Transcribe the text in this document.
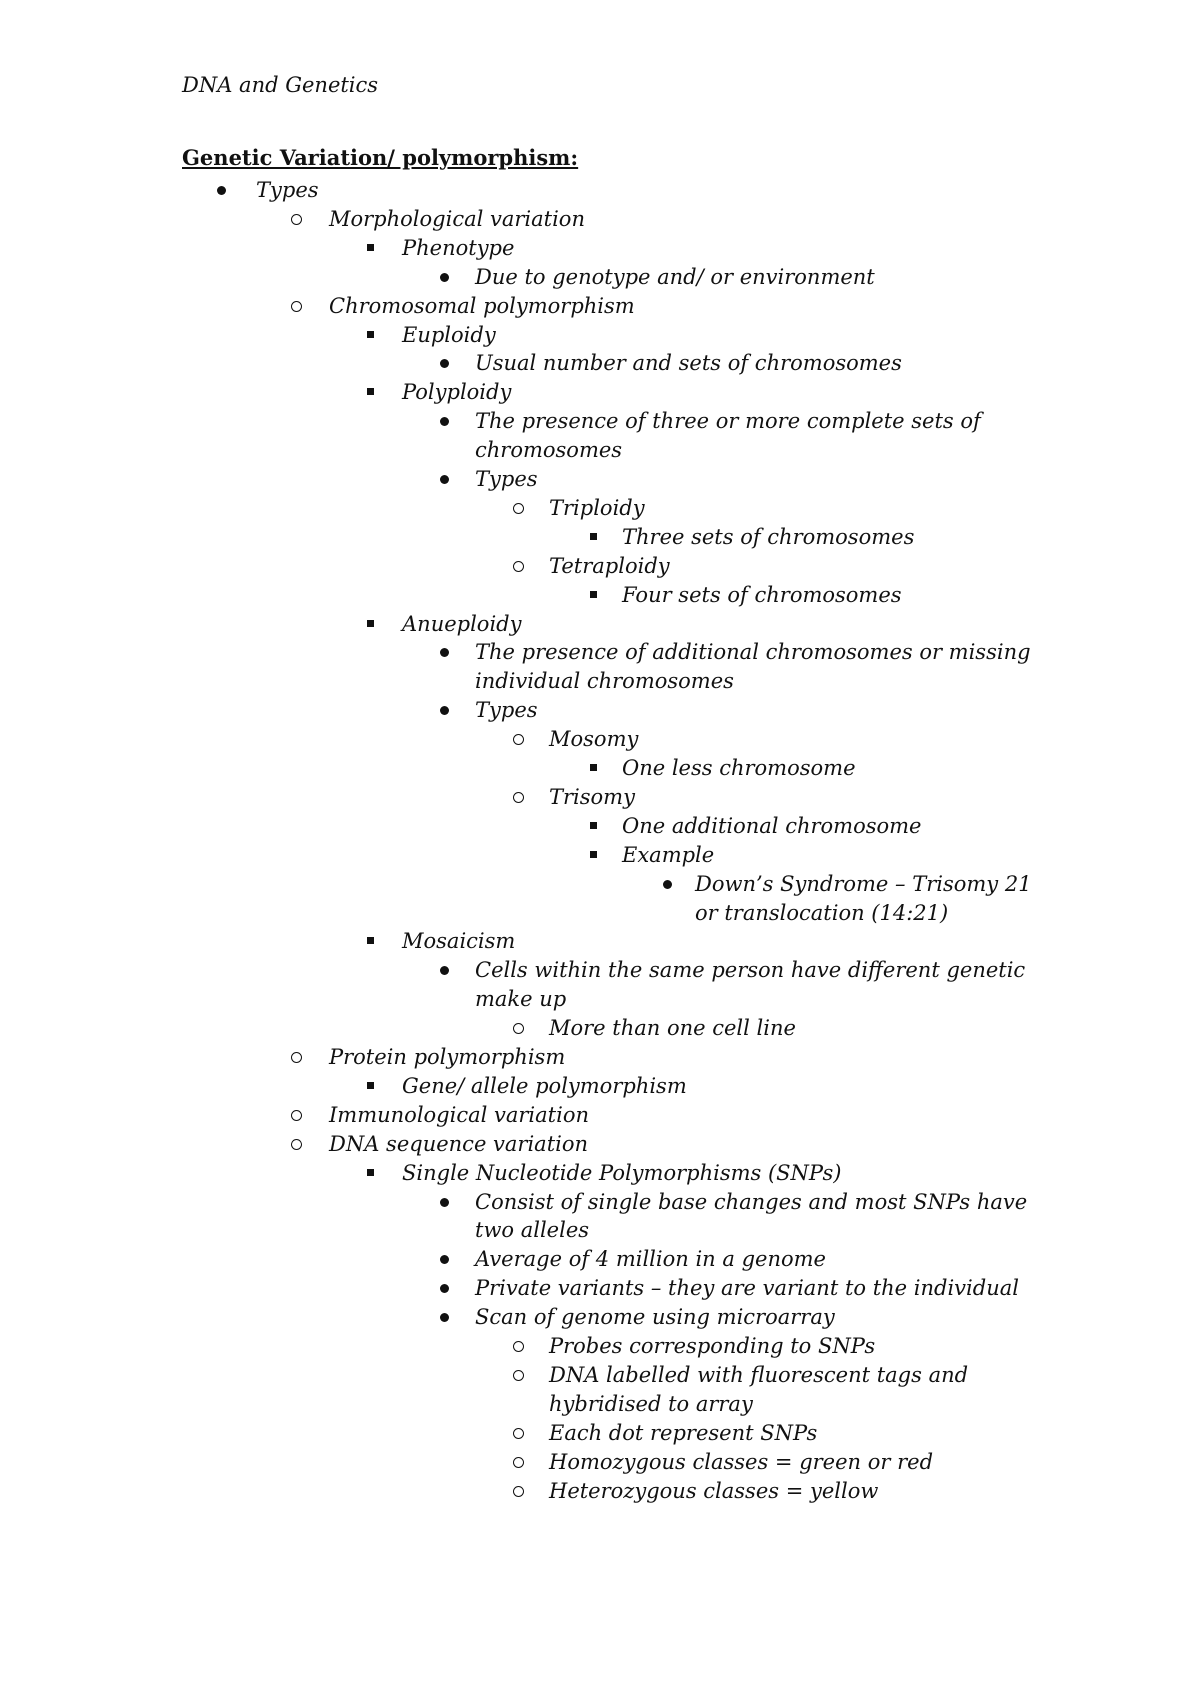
DNA and Genetics
Genetic Variation/ polymorphism:
Types
Morphological variation
Phenotype
Due to genotype and/ or environment
Chromosomal polymorphism
Euploidy
Usual number and sets of chromosomes
Polyploidy
The presence of three or more complete sets of
chromosomes
Types
Triploidy
Three sets of chromosomes
Tetraploidy
Four sets of chromosomes
Anueploidy
The presence of additional chromosomes or missing
individual chromosomes
Types
Mosomy
One less chromosome
Trisomy
One additional chromosome
Example
Down’s Syndrome – Trisomy 21
or translocation (14:21)
Mosaicism
Cells within the same person have different genetic
make up
More than one cell line
Protein polymorphism
Gene/ allele polymorphism
Immunological variation
DNA sequence variation
Single Nucleotide Polymorphisms (SNPs)
Consist of single base changes and most SNPs have
two alleles
Average of 4 million in a genome
Private variants – they are variant to the individual
Scan of genome using microarray
Probes corresponding to SNPs
DNA labelled with fluorescent tags and
hybridised to array
Each dot represent SNPs
Homozygous classes = green or red
Heterozygous classes = yellow
